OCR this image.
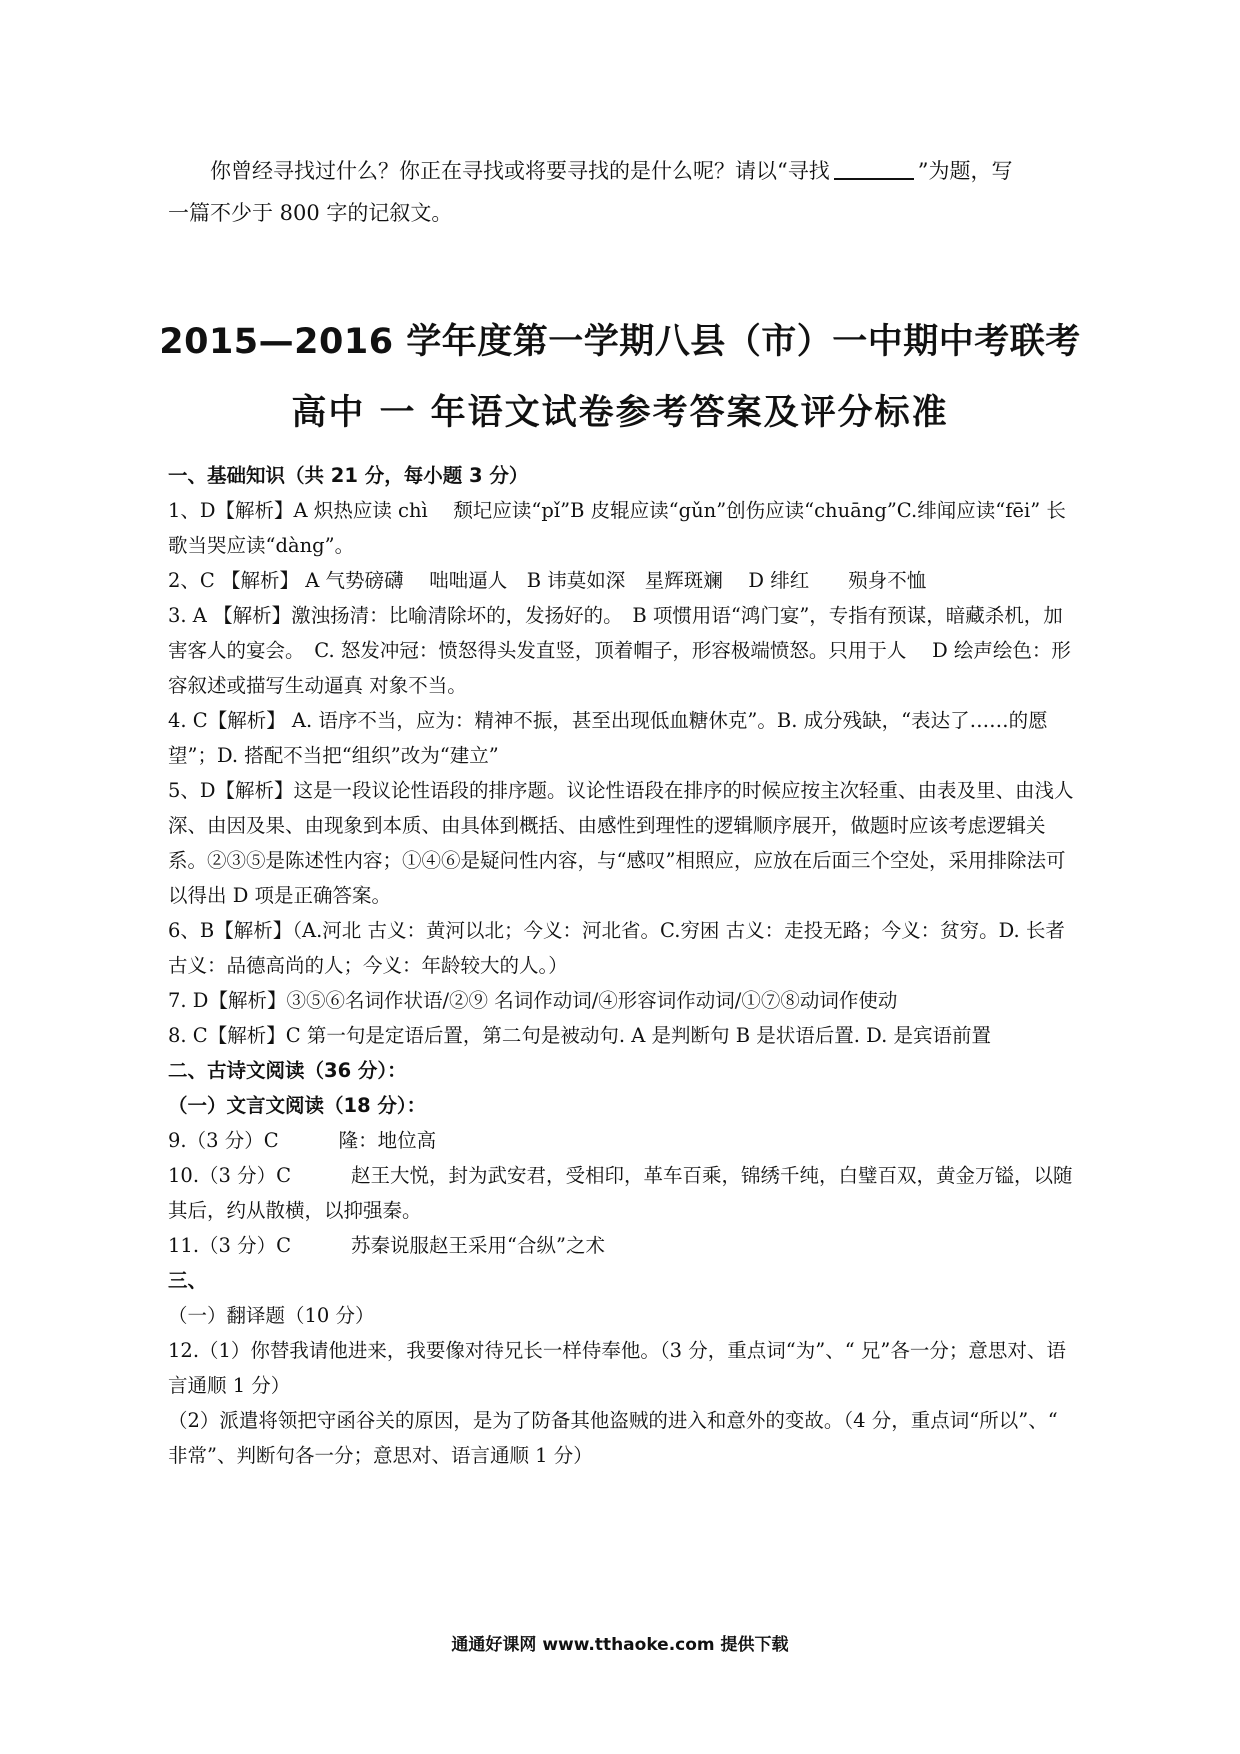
你曾经寻找过什么？你正在寻找或将要寻找的是什么呢？请以“寻找	”为题，写

一篇不少于 800 字的记叙文。

2015—2016 学年度第一学期八县（市）一中期中考联考
高中 一 年语文试卷参考答案及评分标准

一、基础知识（共 21 分，每小题 3 分）

1、D【解析】A 炽热应读 chì　 颓圮应读“pǐ”B 皮辊应读“gǔn”创伤应读“chuāng”C.绯闻应读“fēi” 长歌当哭应读“dàng”。

2、C 【解析】 A 气势磅礴　 咄咄逼人　B 讳莫如深　星辉斑斓　 D 绯红　　殒身不恤

3. A 【解析】激浊扬清：比喻清除坏的，发扬好的。　B 项惯用语“鸿门宴”，专指有预谋，暗藏杀机，加害客人的宴会。　C. 怒发冲冠：愤怒得头发直竖，顶着帽子，形容极端愤怒。只用于人　 D 绘声绘色：形容叙述或描写生动逼真 对象不当。

4. C【解析】 A. 语序不当，应为：精神不振，甚至出现低血糖休克”。B. 成分残缺，“表达了……的愿望”；D. 搭配不当把“组织”改为“建立”

5、D【解析】这是一段议论性语段的排序题。议论性语段在排序的时候应按主次轻重、由表及里、由浅人深、由因及果、由现象到本质、由具体到概括、由感性到理性的逻辑顺序展开，做题时应该考虑逻辑关系。②③⑤是陈述性内容；①④⑥是疑问性内容，与“感叹”相照应，应放在后面三个空处，采用排除法可以得出 D 项是正确答案。

6、B【解析】（A.河北 古义：黄河以北；今义：河北省。C.穷困 古义：走投无路；今义：贫穷。D. 长者 古义：品德高尚的人；今义：年龄较大的人。）

7. D【解析】③⑤⑥名词作状语/②⑨ 名词作动词/④形容词作动词/①⑦⑧动词作使动

8. C【解析】C 第一句是定语后置，第二句是被动句. A 是判断句 B 是状语后置. D. 是宾语前置

二、古诗文阅读（36 分）：

（一）文言文阅读（18 分）：

9.（3 分）C	隆：地位高

10.（3 分）C	赵王大悦，封为武安君，受相印，革车百乘，锦绣千纯，白璧百双，黄金万镒，以随其后，约从散横，以抑强秦。

11.（3 分）C	苏秦说服赵王采用“合纵”之术

三、

（一）翻译题（10 分）

12.（1）你替我请他进来，我要像对待兄长一样侍奉他。（3 分，重点词“为”、“ 兄”各一分；意思对、语言通顺 1 分）

（2）派遣将领把守函谷关的原因，是为了防备其他盗贼的进入和意外的变故。（4 分，重点词“所以”、“ 非常”、判断句各一分；意思对、语言通顺 1 分）

通通好课网 www.tthaoke.com 提供下载
